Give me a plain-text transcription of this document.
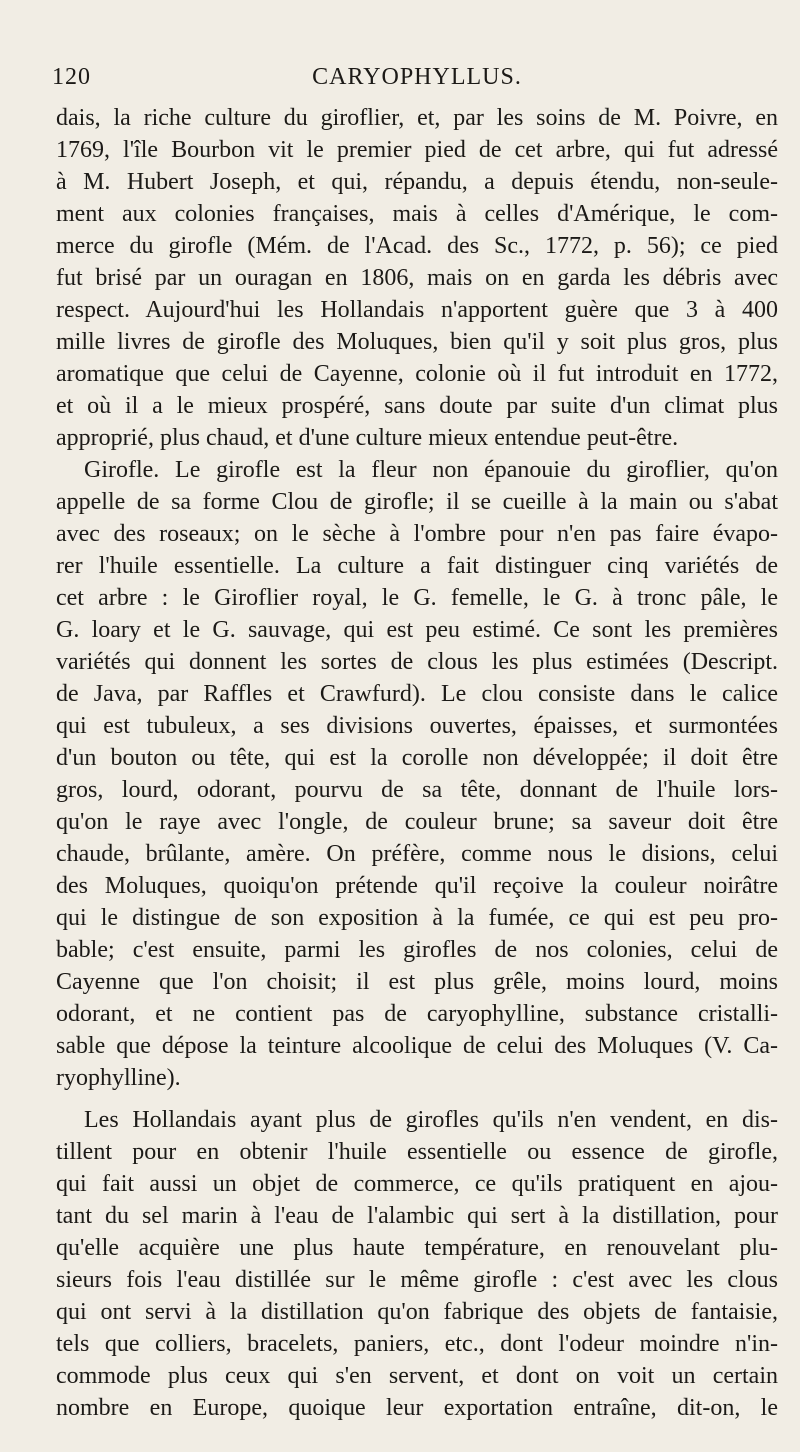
120	CARYOPHYLLUS.
dais, la riche culture du giroflier, et, par les soins de M. Poivre, en
1769, l'île Bourbon vit le premier pied de cet arbre, qui fut adressé
à M. Hubert Joseph, et qui, répandu, a depuis étendu, non-seule-
ment aux colonies françaises, mais à celles d'Amérique, le com-
merce du girofle (Mém. de l'Acad. des Sc., 1772, p. 56); ce pied
fut brisé par un ouragan en 1806, mais on en garda les débris avec
respect. Aujourd'hui les Hollandais n'apportent guère que 3 à 400
mille livres de girofle des Moluques, bien qu'il y soit plus gros, plus
aromatique que celui de Cayenne, colonie où il fut introduit en 1772,
et où il a le mieux prospéré, sans doute par suite d'un climat plus
approprié, plus chaud, et d'une culture mieux entendue peut-être.
Girofle. Le girofle est la fleur non épanouie du giroflier, qu'on
appelle de sa forme Clou de girofle; il se cueille à la main ou s'abat
avec des roseaux; on le sèche à l'ombre pour n'en pas faire évapo-
rer l'huile essentielle. La culture a fait distinguer cinq variétés de
cet arbre : le Giroflier royal, le G. femelle, le G. à tronc pâle, le
G. loary et le G. sauvage, qui est peu estimé. Ce sont les premières
variétés qui donnent les sortes de clous les plus estimées (Descript.
de Java, par Raffles et Crawfurd). Le clou consiste dans le calice
qui est tubuleux, a ses divisions ouvertes, épaisses, et surmontées
d'un bouton ou tête, qui est la corolle non développée; il doit être
gros, lourd, odorant, pourvu de sa tête, donnant de l'huile lors-
qu'on le raye avec l'ongle, de couleur brune; sa saveur doit être
chaude, brûlante, amère. On préfère, comme nous le disions, celui
des Moluques, quoiqu'on prétende qu'il reçoive la couleur noirâtre
qui le distingue de son exposition à la fumée, ce qui est peu pro-
bable; c'est ensuite, parmi les girofles de nos colonies, celui de
Cayenne que l'on choisit; il est plus grêle, moins lourd, moins
odorant, et ne contient pas de caryophylline, substance cristalli-
sable que dépose la teinture alcoolique de celui des Moluques (V. Ca-
ryophylline).
Les Hollandais ayant plus de girofles qu'ils n'en vendent, en dis-
tillent pour en obtenir l'huile essentielle ou essence de girofle,
qui fait aussi un objet de commerce, ce qu'ils pratiquent en ajou-
tant du sel marin à l'eau de l'alambic qui sert à la distillation, pour
qu'elle acquière une plus haute température, en renouvelant plu-
sieurs fois l'eau distillée sur le même girofle : c'est avec les clous
qui ont servi à la distillation qu'on fabrique des objets de fantaisie,
tels que colliers, bracelets, paniers, etc., dont l'odeur moindre n'in-
commode plus ceux qui s'en servent, et dont on voit un certain
nombre en Europe, quoique leur exportation entraîne, dit-on, le
